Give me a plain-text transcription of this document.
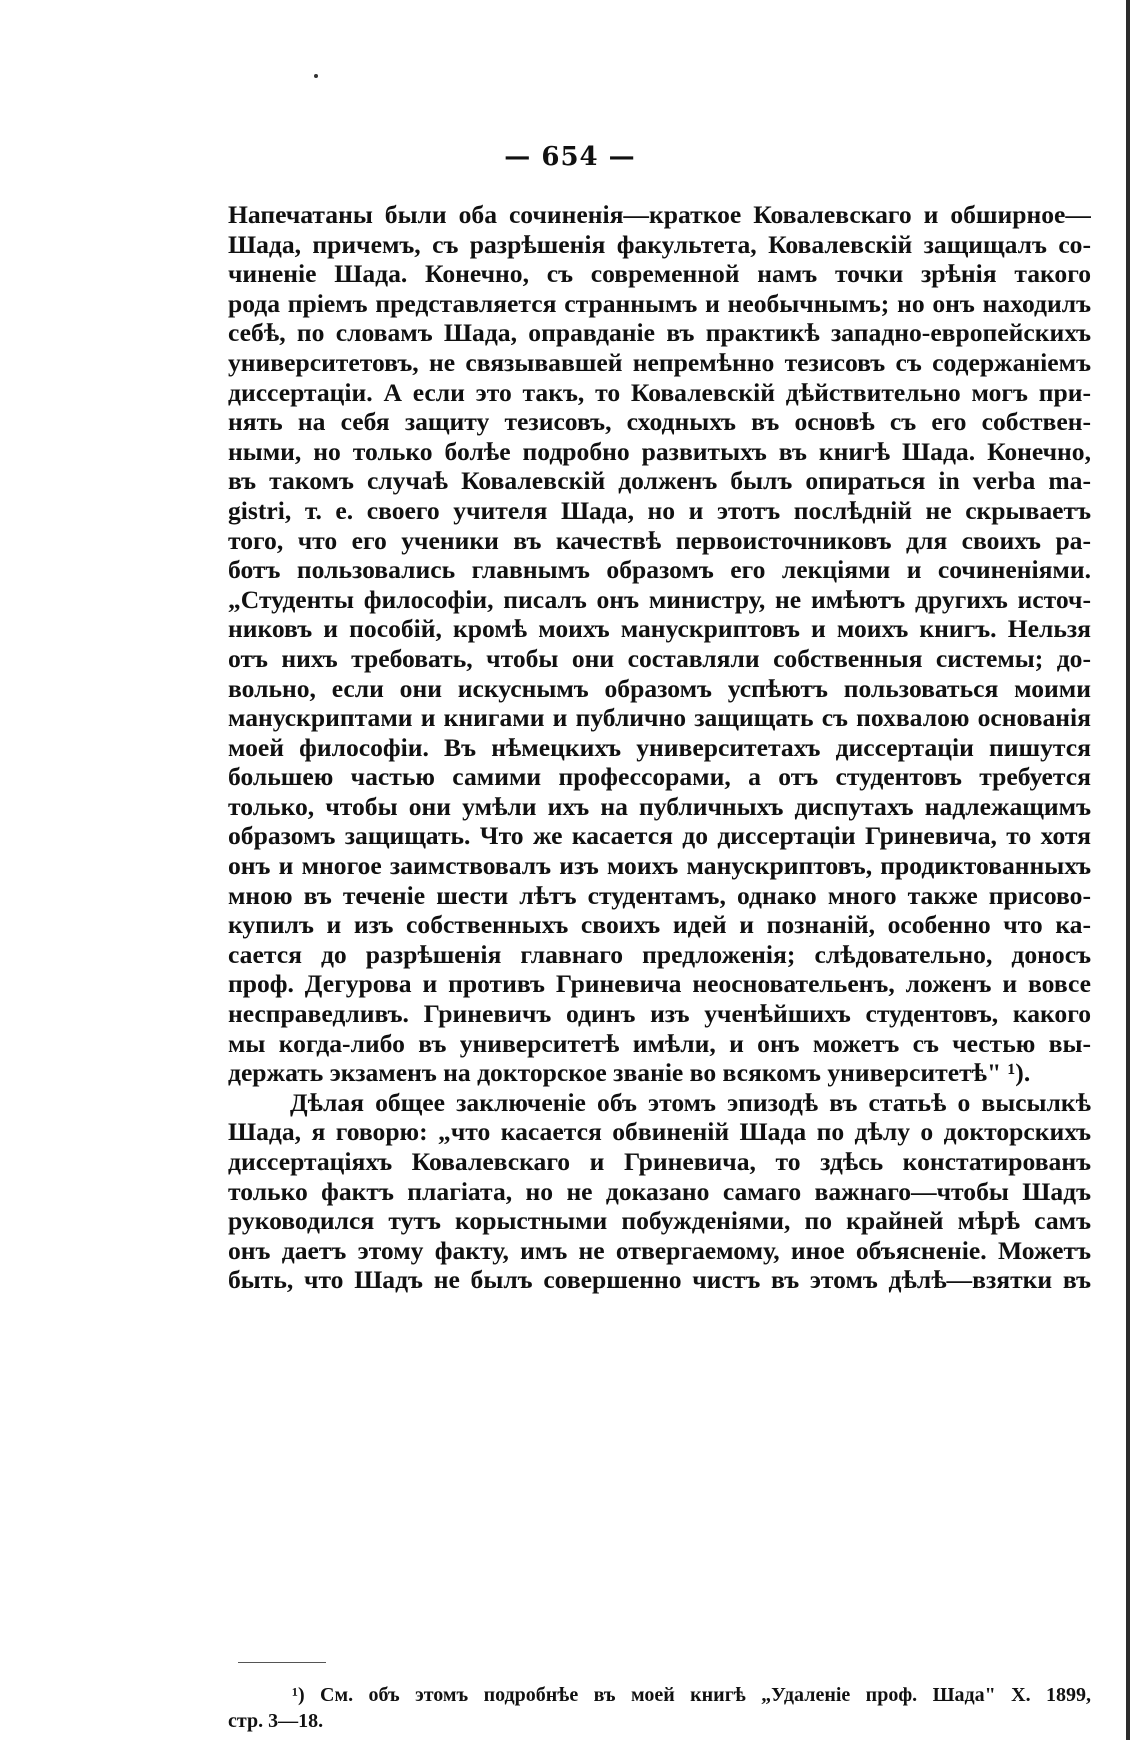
— 654 —
Напечатаны были оба сочиненія—краткое Ковалевскаго и обширное—
Шада, причемъ, съ разрѣшенія факультета, Ковалевскій защищалъ со-
чиненіе Шада. Конечно, съ современной намъ точки зрѣнія такого
рода пріемъ представляется страннымъ и необычнымъ; но онъ находилъ
себѣ, по словамъ Шада, оправданіе въ практикѣ западно-европейскихъ
университетовъ, не связывавшей непремѣнно тезисовъ съ содержаніемъ
диссертаціи. А если это такъ, то Ковалевскій дѣйствительно могъ при-
нять на себя защиту тезисовъ, сходныхъ въ основѣ съ его собствен-
ными, но только болѣе подробно развитыхъ въ книгѣ Шада. Конечно,
въ такомъ случаѣ Ковалевскій долженъ былъ опираться in verba ma-
gistri, т. е. своего учителя Шада, но и этотъ послѣдній не скрываетъ
того, что его ученики въ качествѣ первоисточниковъ для своихъ ра-
ботъ пользовались главнымъ образомъ его лекціями и сочиненіями.
„Студенты философіи, писалъ онъ министру, не имѣютъ другихъ источ-
никовъ и пособій, кромѣ моихъ манускриптовъ и моихъ книгъ. Нельзя
отъ нихъ требовать, чтобы они составляли собственныя системы; до-
вольно, если они искуснымъ образомъ успѣютъ пользоваться моими
манускриптами и книгами и публично защищать съ похвалою основанія
моей философіи. Въ нѣмецкихъ университетахъ диссертаціи пишутся
большею частью самими профессорами, а отъ студентовъ требуется
только, чтобы они умѣли ихъ на публичныхъ диспутахъ надлежащимъ
образомъ защищать. Что же касается до диссертаціи Гриневича, то хотя
онъ и многое заимствовалъ изъ моихъ манускриптовъ, продиктованныхъ
мною въ теченіе шести лѣтъ студентамъ, однако много также присово-
купилъ и изъ собственныхъ своихъ идей и познаній, особенно что ка-
сается до разрѣшенія главнаго предложенія; слѣдовательно, доносъ
проф. Дегурова и противъ Гриневича неосновательенъ, ложенъ и вовсе
несправедливъ. Гриневичъ одинъ изъ ученѣйшихъ студентовъ, какого
мы когда-либо въ университетѣ имѣли, и онъ можетъ съ честью вы-
держать экзаменъ на докторское званіе во всякомъ университетѣ" ¹).
Дѣлая общее заключеніе объ этомъ эпизодѣ въ статьѣ о высылкѣ
Шада, я говорю: „что касается обвиненій Шада по дѣлу о докторскихъ
диссертаціяхъ Ковалевскаго и Гриневича, то здѣсь констатированъ
только фактъ плагіата, но не доказано самаго важнаго—чтобы Шадъ
руководился тутъ корыстными побужденіями, по крайней мѣрѣ самъ
онъ даетъ этому факту, имъ не отвергаемому, иное объясненіе. Можетъ
быть, что Шадъ не былъ совершенно чистъ въ этомъ дѣлѣ—взятки въ
¹) См. объ этомъ подробнѣе въ моей книгѣ „Удаленіе проф. Шада" X. 1899,
стр. 3—18.
